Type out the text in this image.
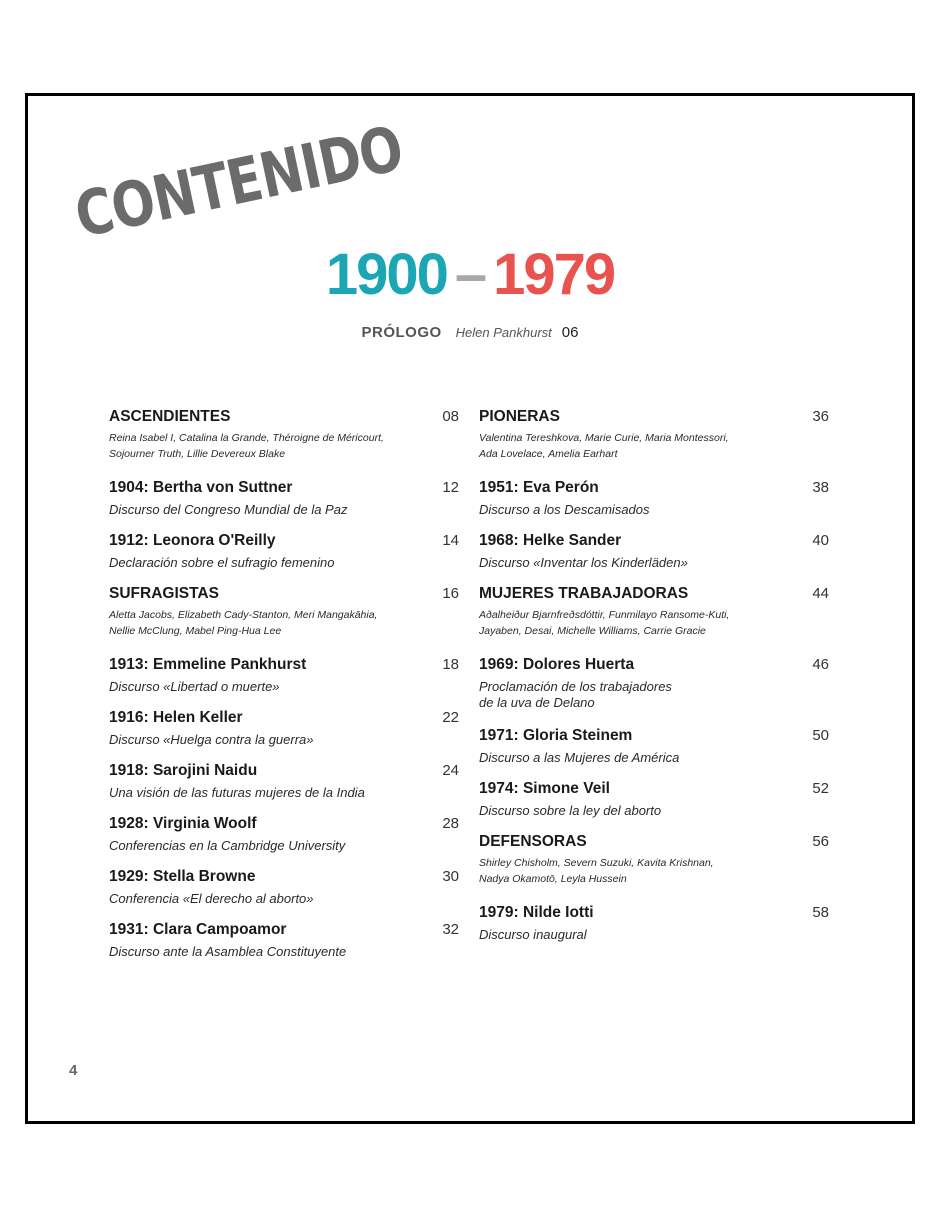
CONTENIDO
1900 – 1979
PRÓLOGO Helen Pankhurst 06
ASCENDIENTES	08
Reina Isabel I, Catalina la Grande, Théroigne de Méricourt,
Sojourner Truth, Lillie Devereux Blake
1904: Bertha von Suttner	12
Discurso del Congreso Mundial de la Paz
1912: Leonora O'Reilly	14
Declaración sobre el sufragio femenino
SUFRAGISTAS	16
Aletta Jacobs, Elizabeth Cady-Stanton, Meri Mangakāhia,
Nellie McClung, Mabel Ping-Hua Lee
1913: Emmeline Pankhurst	18
Discurso «Libertad o muerte»
1916: Helen Keller	22
Discurso «Huelga contra la guerra»
1918: Sarojini Naidu	24
Una visión de las futuras mujeres de la India
1928: Virginia Woolf	28
Conferencias en la Cambridge University
1929: Stella Browne	30
Conferencia «El derecho al aborto»
1931: Clara Campoamor	32
Discurso ante la Asamblea Constituyente
PIONERAS	36
Valentina Tereshkova, Marie Curie, Maria Montessori,
Ada Lovelace, Amelia Earhart
1951: Eva Perón	38
Discurso a los Descamisados
1968: Helke Sander	40
Discurso «Inventar los Kinderläden»
MUJERES TRABAJADORAS	44
Aðalheiður Bjarnfreðsdóttir, Funmilayo Ransome-Kuti,
Jayaben, Desai, Michelle Williams, Carrie Gracie
1969: Dolores Huerta	46
Proclamación de los trabajadores
de la uva de Delano
1971: Gloria Steinem	50
Discurso a las Mujeres de América
1974: Simone Veil	52
Discurso sobre la ley del aborto
DEFENSORAS	56
Shirley Chisholm, Severn Suzuki, Kavita Krishnan,
Nadya Okamotō, Leyla Hussein
1979: Nilde Iotti	58
Discurso inaugural
4
